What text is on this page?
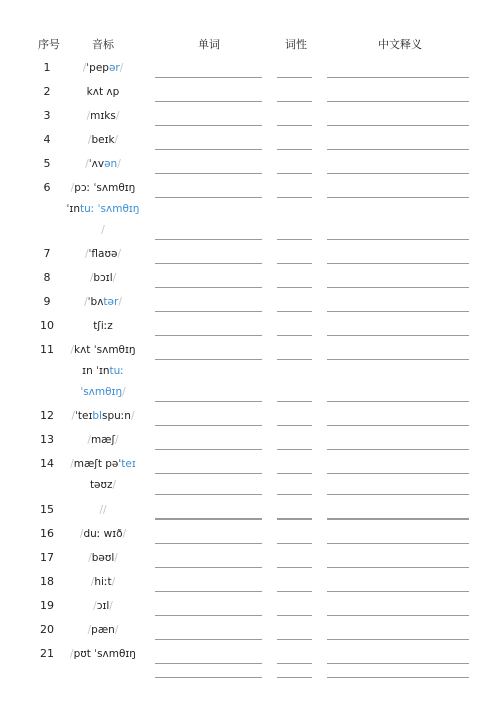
序号	音标	单词	词性	中文释义
1	/ˈpepər/
2	kʌt ʌp
3	/mɪks/
4	/beɪk/
5	/ˈʌvən/
6	/pɔː ˈsʌmθɪŋ
ˈɪntuː ˈsʌmθɪŋ
/
7	/ˈflaʊə/
8	/bɔɪl/
9	/ˈbʌtər/
10	tʃiːz
11	/kʌt ˈsʌmθɪŋ
ɪn ˈɪntuː
ˈsʌmθɪŋ/
12	/ˈteɪblspuːn/
13	/mæʃ/
14	/mæʃt pəˈteɪ
təʊz/
15	//
16	/duː wɪð/
17	/bəʊl/
18	/hiːt/
19	/ɔɪl/
20	/pæn/
21	/pʊt ˈsʌmθɪŋ
